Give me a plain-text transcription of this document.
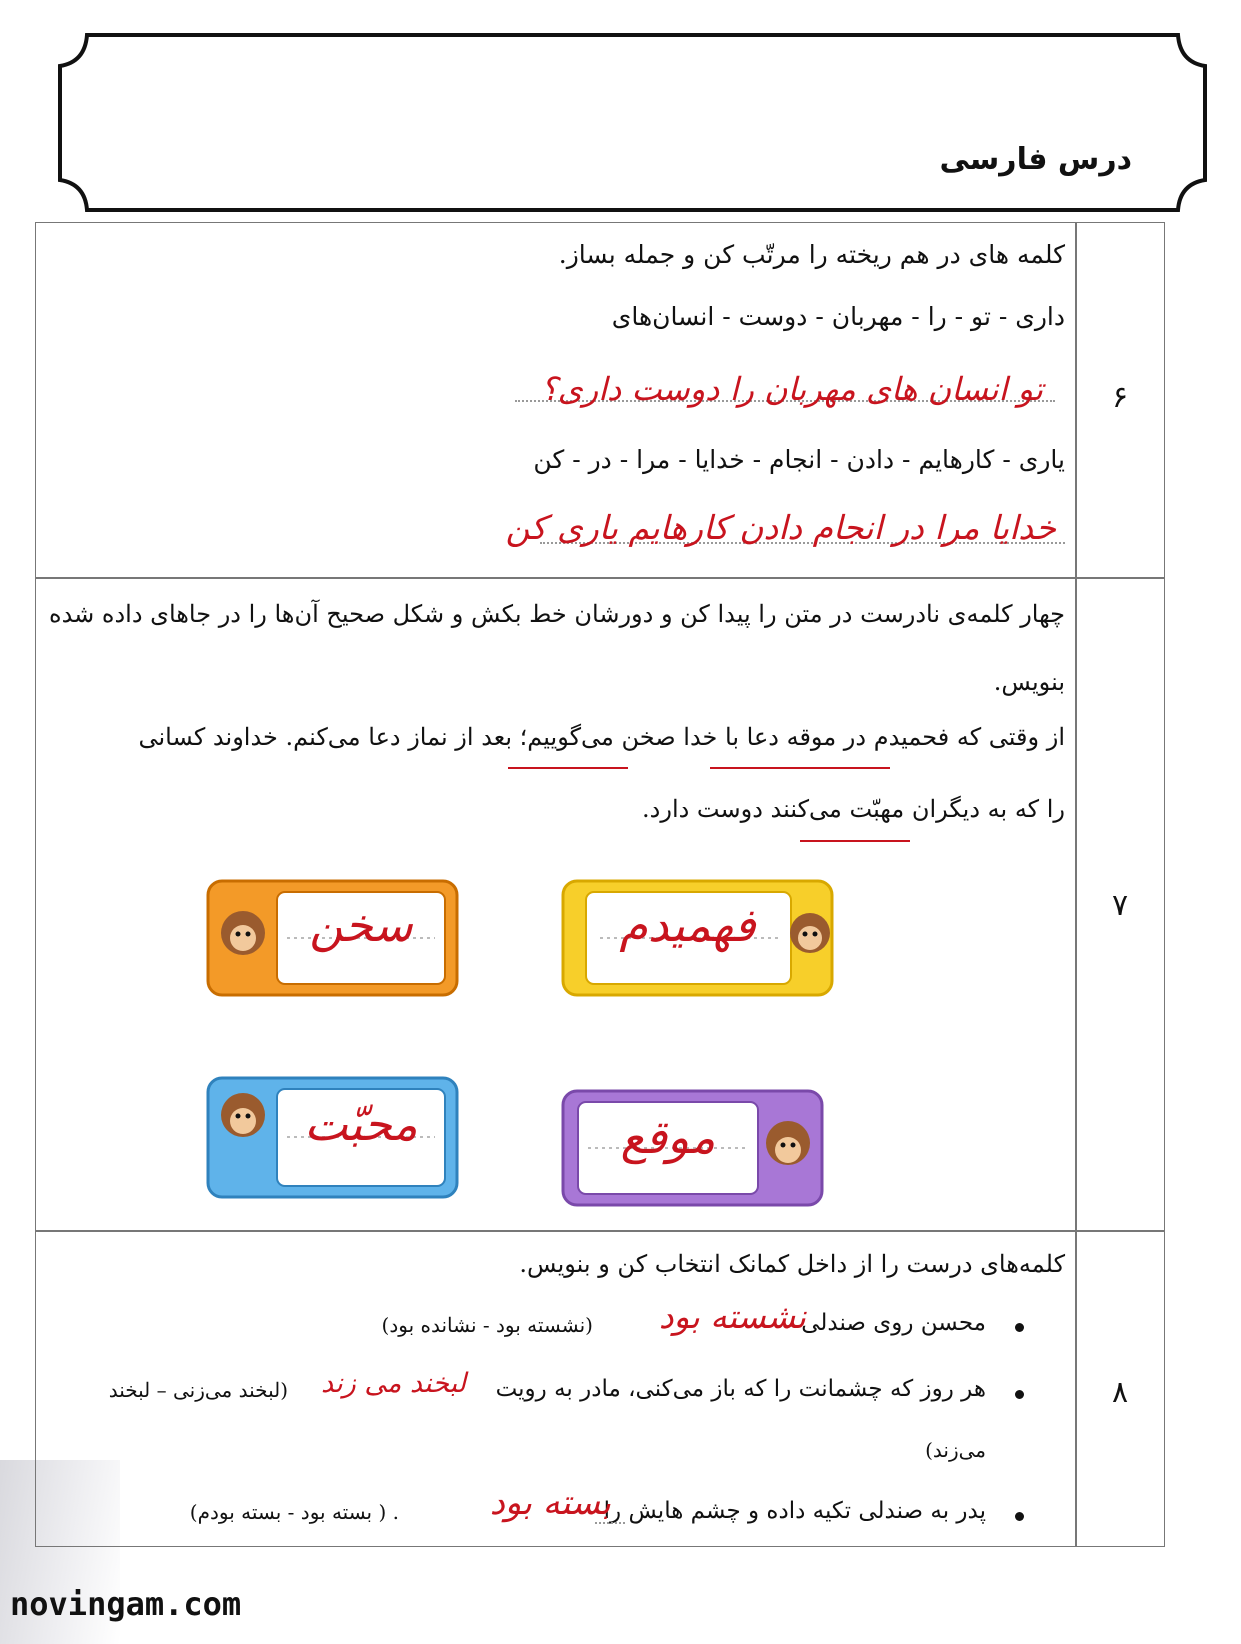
درس فارسی
۶
کلمه های در هم ریخته را مرتّب کن و جمله بساز.
داری - تو - را - مهربان - دوست - انسان‌های
تو انسان های مهربان را دوست داری؟
یاری - کارهایم - دادن - انجام - خدایا - مرا - در - کن
خدایا مرا در انجام دادن کارهایم یاری کن
۷
چهار کلمه‌ی نادرست در متن را پیدا کن و دورشان خط بکش و شکل صحیح آن‌ها را در جاهای داده شده
بنویس.
از وقتی که فحمیدم در موقه دعا با خدا صخن می‌گوییم؛ بعد از نماز دعا می‌کنم. خداوند کسانی
را که به دیگران مهبّت می‌کنند دوست دارد.
فهمیدم
سخن
موقع
محبّت
۸
کلمه‌های درست را از داخل کمانک انتخاب کن و بنویس.
محسن روی صندلی
نشسته بود
(نشسته بود - نشانده بود)
هر روز که چشمانت را که باز می‌کنی، مادر به رویت
لبخند می زند
(لبخند می‌زنی – لبخند
می‌زند)
پدر به صندلی تکیه داده و چشم هایش را
بسته بود
. ( بسته بود - بسته بودم)
novingam.com
